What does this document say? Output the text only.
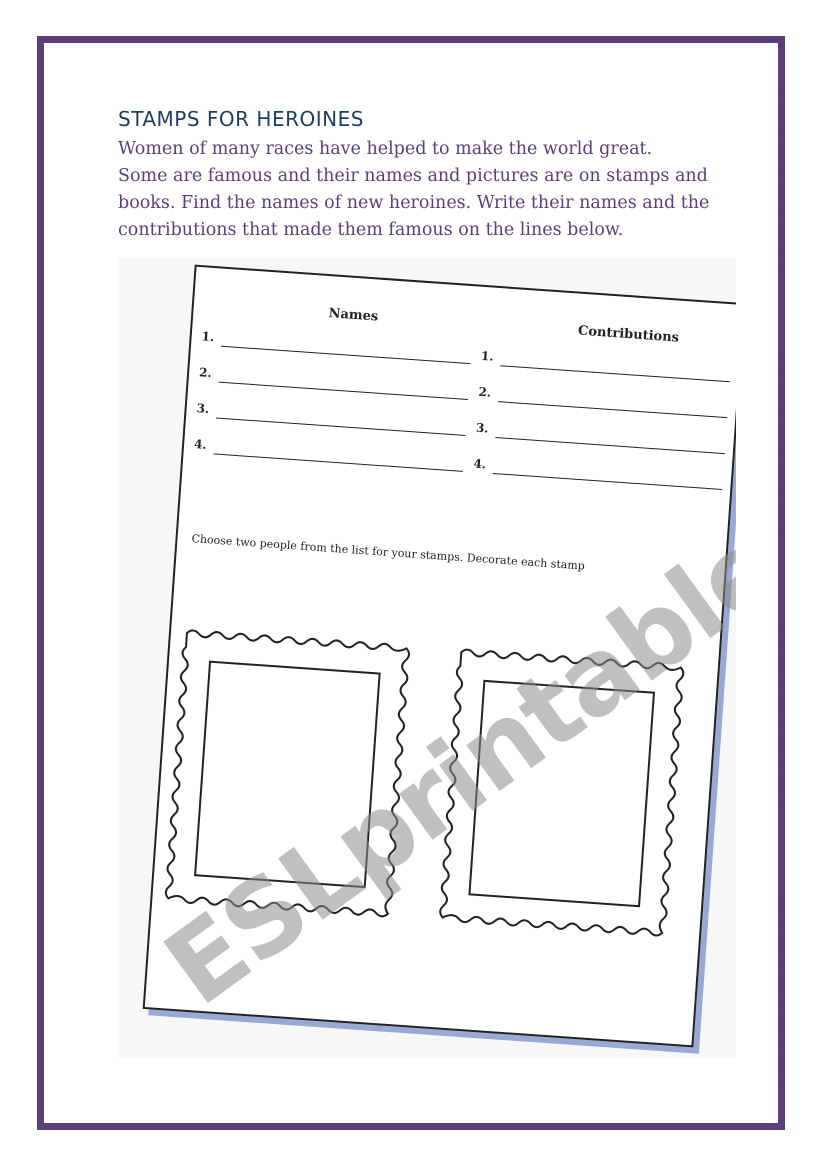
STAMPS FOR HEROINES

Women of many races have helped to make the world great.
Some are famous and their names and pictures are on stamps and
books. Find the names of new heroines. Write their names and the
contributions that made them famous on the lines below.

Names
Contributions
1.
2.
3.
4.
1.
2.
3.
4.
Choose two people from the list for your stamps. Decorate each stamp
